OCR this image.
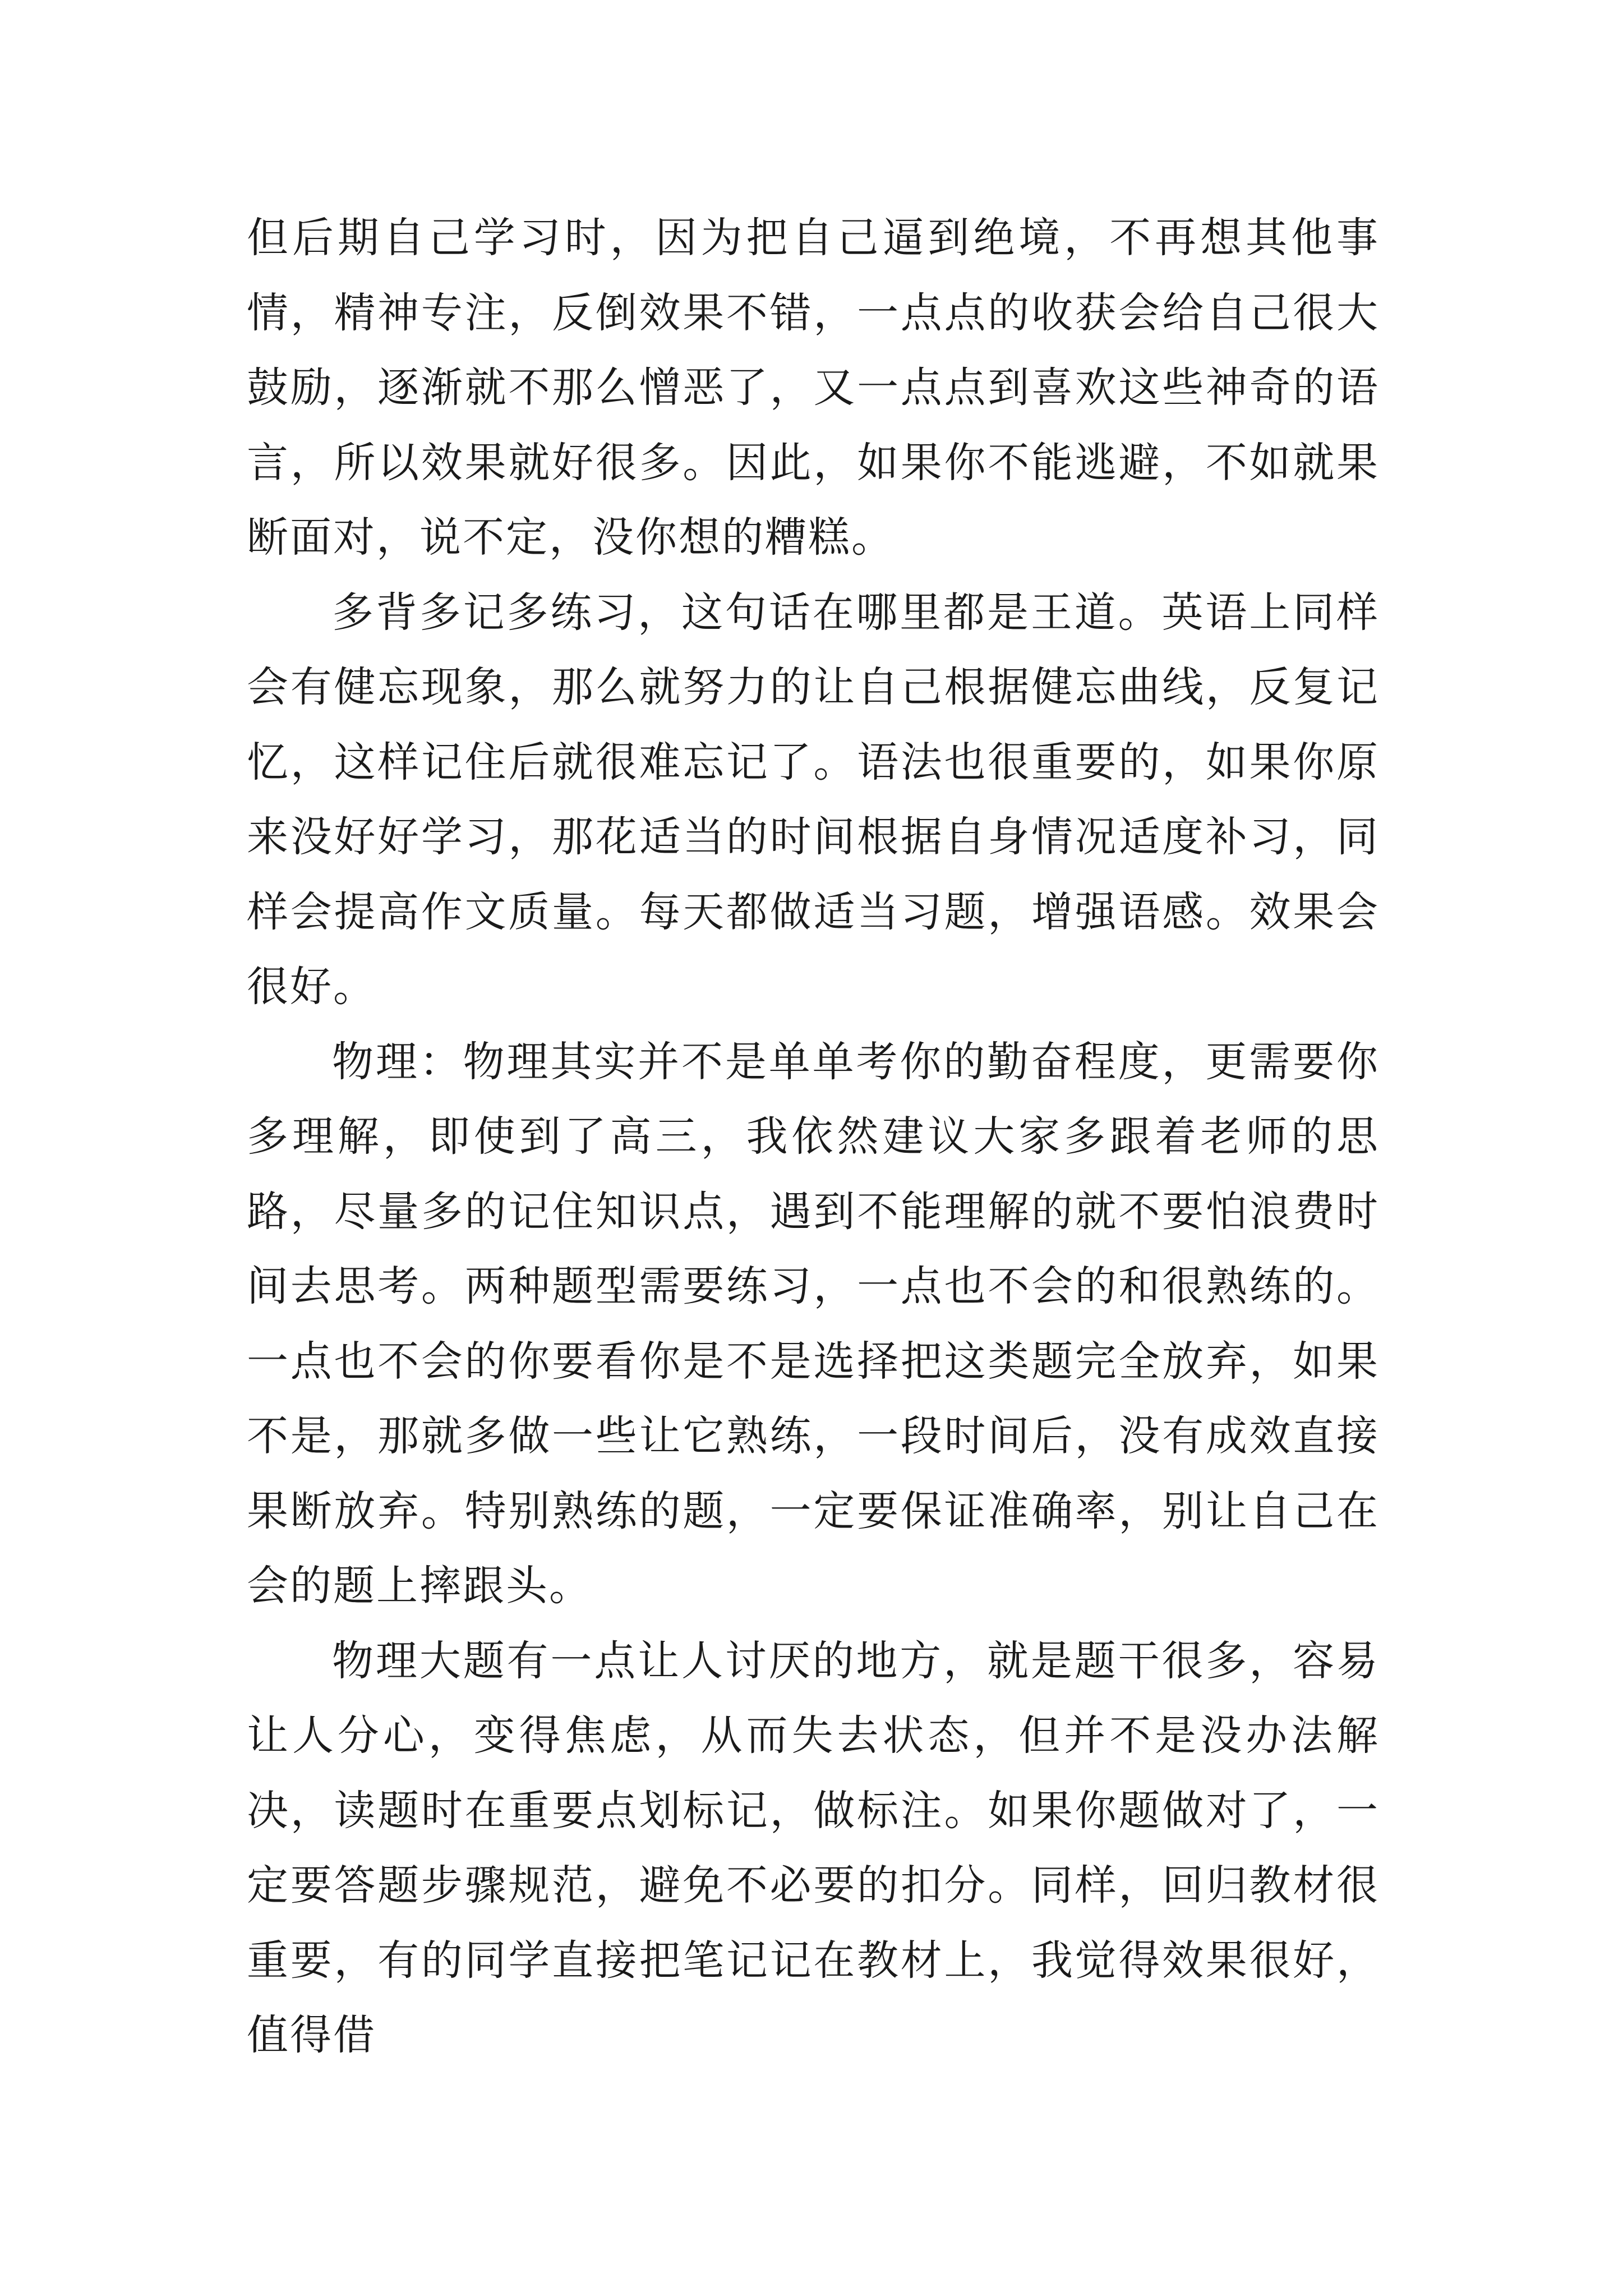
但后期自己学习时，因为把自己逼到绝境，不再想其他事情，精神专注，反倒效果不错，一点点的收获会给自己很大鼓励，逐渐就不那么憎恶了，又一点点到喜欢这些神奇的语言，所以效果就好很多。因此，如果你不能逃避，不如就果断面对，说不定，没你想的糟糕。

多背多记多练习，这句话在哪里都是王道。英语上同样会有健忘现象，那么就努力的让自己根据健忘曲线，反复记忆，这样记住后就很难忘记了。语法也很重要的，如果你原来没好好学习，那花适当的时间根据自身情况适度补习，同样会提高作文质量。每天都做适当习题，增强语感。效果会很好。

物理：物理其实并不是单单考你的勤奋程度，更需要你多理解，即使到了高三，我依然建议大家多跟着老师的思路，尽量多的记住知识点，遇到不能理解的就不要怕浪费时间去思考。两种题型需要练习，一点也不会的和很熟练的。一点也不会的你要看你是不是选择把这类题完全放弃，如果不是，那就多做一些让它熟练，一段时间后，没有成效直接果断放弃。特别熟练的题，一定要保证准确率，别让自己在会的题上摔跟头。

物理大题有一点让人讨厌的地方，就是题干很多，容易让人分心，变得焦虑，从而失去状态，但并不是没办法解决，读题时在重要点划标记，做标注。如果你题做对了，一定要答题步骤规范，避免不必要的扣分。同样，回归教材很重要，有的同学直接把笔记记在教材上，我觉得效果很好，值得借
